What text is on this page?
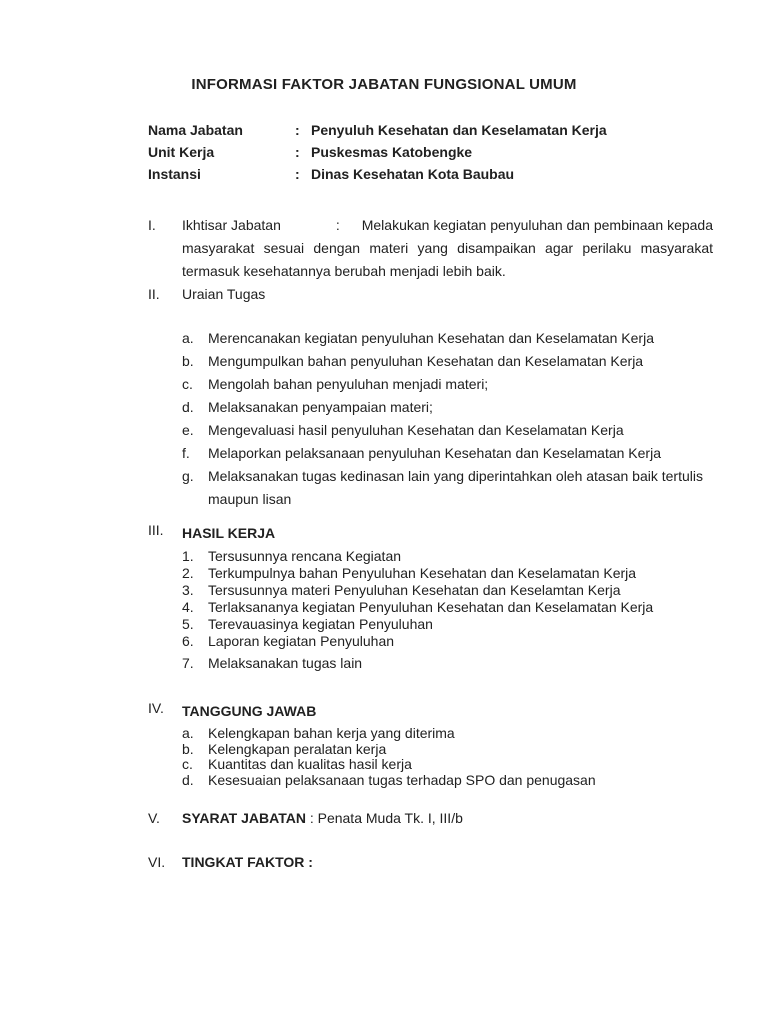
INFORMASI FAKTOR JABATAN FUNGSIONAL UMUM
Nama Jabatan	: Penyuluh Kesehatan dan Keselamatan Kerja
Unit Kerja	: Puskesmas Katobengke
Instansi	: Dinas Kesehatan Kota Baubau
I.	Ikhtisar Jabatan	: Melakukan kegiatan penyuluhan dan pembinaan kepada masyarakat sesuai dengan materi yang disampaikan agar perilaku masyarakat termasuk kesehatannya berubah menjadi lebih baik.
II.	Uraian Tugas
a.	Merencanakan kegiatan penyuluhan Kesehatan dan Keselamatan Kerja
b.	Mengumpulkan bahan penyuluhan Kesehatan dan Keselamatan Kerja
c.	Mengolah bahan penyuluhan menjadi materi;
d.	Melaksanakan penyampaian materi;
e.	Mengevaluasi hasil penyuluhan Kesehatan dan Keselamatan Kerja
f.	Melaporkan pelaksanaan penyuluhan Kesehatan dan Keselamatan Kerja
g.	Melaksanakan tugas kedinasan lain yang diperintahkan oleh atasan baik tertulis maupun lisan
III.	HASIL KERJA
1.	Tersusunnya rencana Kegiatan
2.	Terkumpulnya bahan Penyuluhan Kesehatan dan Keselamatan Kerja
3.	Tersusunnya materi Penyuluhan Kesehatan dan Keselamtan Kerja
4.	Terlaksananya kegiatan Penyuluhan Kesehatan dan Keselamatan Kerja
5.	Terevauasinya kegiatan Penyuluhan
6.	Laporan kegiatan Penyuluhan
7.	Melaksanakan tugas lain
IV.	TANGGUNG JAWAB
a.	Kelengkapan bahan kerja yang diterima
b.	Kelengkapan peralatan kerja
c.	Kuantitas dan kualitas hasil kerja
d.	Kesesuaian pelaksanaan tugas terhadap SPO dan penugasan
V.	SYARAT JABATAN : Penata Muda Tk. I, III/b
VI.	TINGKAT FAKTOR :
